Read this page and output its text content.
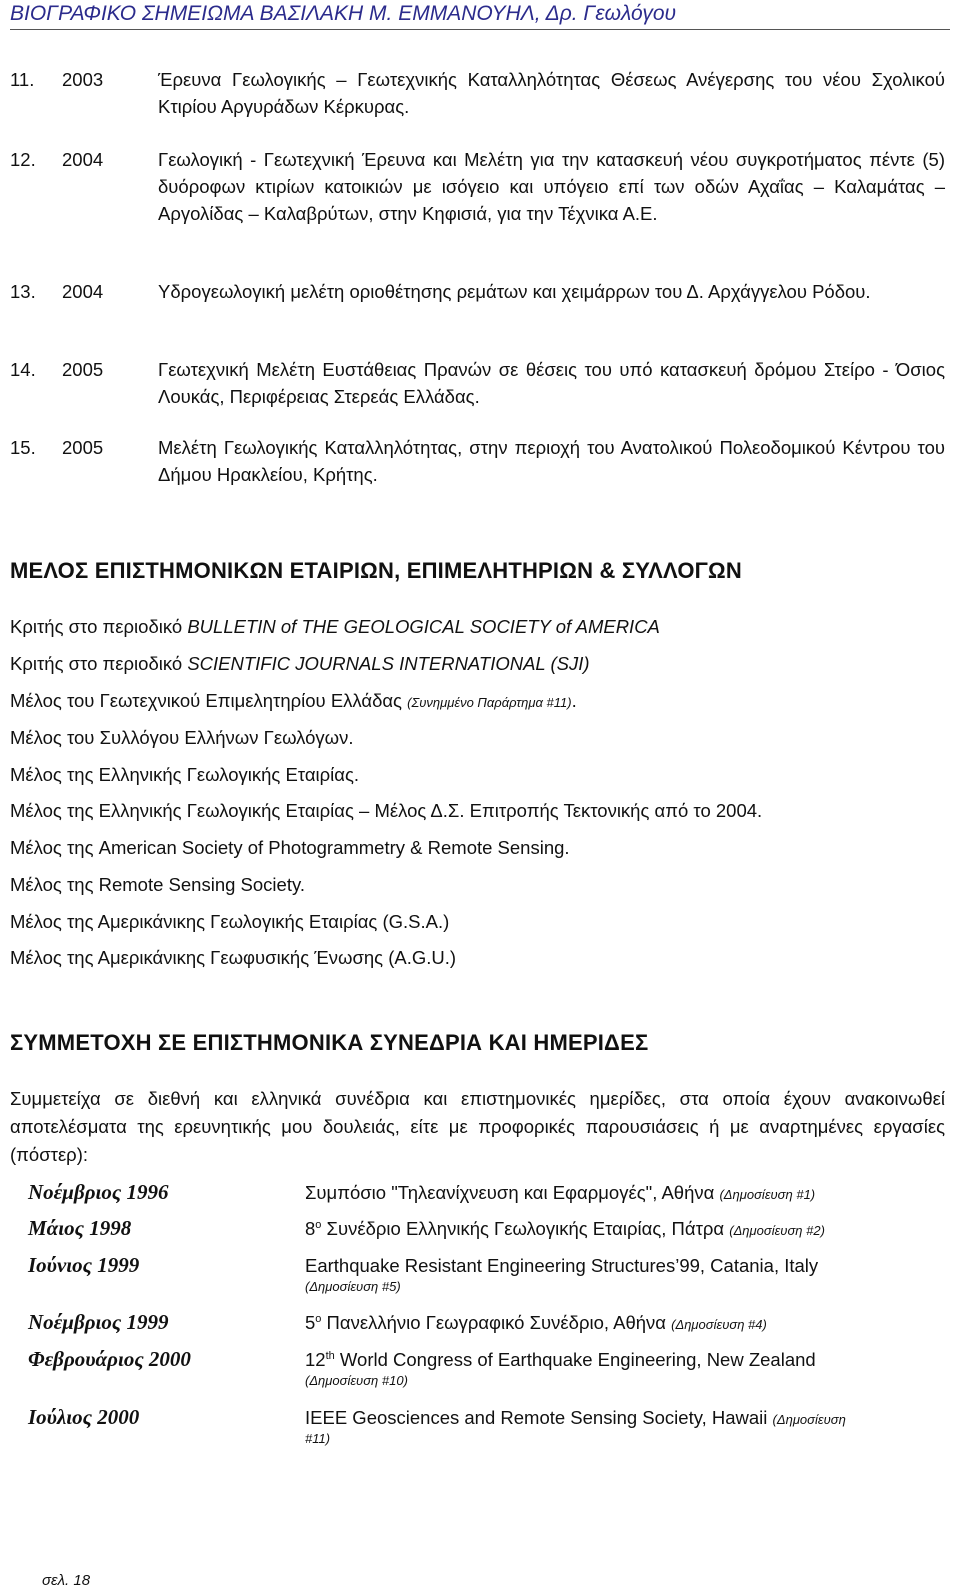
ΒΙΟΓΡΑΦΙΚΟ ΣΗΜΕΙΩΜΑ ΒΑΣΙΛΑΚΗ Μ. ΕΜΜΑΝΟΥΗΛ, Δρ. Γεωλόγου
11. 2003	Έρευνα Γεωλογικής – Γεωτεχνικής Καταλληλότητας Θέσεως Ανέγερσης του νέου Σχολικού Κτιρίου Αργυράδων Κέρκυρας.
12. 2004	Γεωλογική - Γεωτεχνική Έρευνα και Μελέτη για την κατασκευή νέου συγκροτήματος πέντε (5) δυόροφων κτιρίων κατοικιών με ισόγειο και υπόγειο επί των οδών Αχαΐας – Καλαμάτας – Αργολίδας – Καλαβρύτων, στην Κηφισιά, για την Τέχνικα Α.Ε.
13. 2004	Υδρογεωλογική μελέτη οριοθέτησης ρεμάτων και χειμάρρων του Δ. Αρχάγγελου Ρόδου.
14. 2005	Γεωτεχνική Μελέτη Ευστάθειας Πρανών σε θέσεις του υπό κατασκευή δρόμου Στείρο - Όσιος Λουκάς, Περιφέρειας Στερεάς Ελλάδας.
15. 2005	Μελέτη Γεωλογικής Καταλληλότητας, στην περιοχή του Ανατολικού Πολεοδομικού Κέντρου του Δήμου Ηρακλείου, Κρήτης.
ΜΕΛΟΣ ΕΠΙΣΤΗΜΟΝΙΚΩΝ ΕΤΑΙΡΙΩΝ, ΕΠΙΜΕΛΗΤΗΡΙΩΝ & ΣΥΛΛΟΓΩΝ
Κριτής στο περιοδικό BULLETIN of THE GEOLOGICAL SOCIETY of AMERICA
Κριτής στο περιοδικό SCIENTIFIC JOURNALS INTERNATIONAL (SJI)
Μέλος του Γεωτεχνικού Επιμελητηρίου Ελλάδας (Συνημμένο Παράρτημα #11).
Μέλος του Συλλόγου Ελλήνων Γεωλόγων.
Μέλος της Ελληνικής Γεωλογικής Εταιρίας.
Μέλος της Ελληνικής Γεωλογικής Εταιρίας – Μέλος Δ.Σ. Επιτροπής Τεκτονικής από το 2004.
Μέλος της American Society of Photogrammetry & Remote Sensing.
Μέλος της Remote Sensing Society.
Μέλος της Αμερικάνικης Γεωλογικής Εταιρίας (G.S.A.)
Μέλος της Αμερικάνικης Γεωφυσικής Ένωσης (A.G.U.)
ΣΥΜΜΕΤΟΧΗ ΣΕ ΕΠΙΣΤΗΜΟΝΙΚΑ ΣΥΝΕΔΡΙΑ ΚΑΙ ΗΜΕΡΙΔΕΣ
Συμμετείχα σε διεθνή και ελληνικά συνέδρια και επιστημονικές ημερίδες, στα οποία έχουν ανακοινωθεί αποτελέσματα της ερευνητικής μου δουλειάς, είτε με προφορικές παρουσιάσεις ή με αναρτημένες εργασίες (πόστερ):
Νοέμβριος 1996	Συμπόσιο "Τηλεανίχνευση και Εφαρμογές", Αθήνα (Δημοσίευση #1)
Μάιος 1998	$8^o$ Συνέδριο Ελληνικής Γεωλογικής Εταιρίας, Πάτρα (Δημοσίευση #2)
Ιούνιος 1999	Earthquake Resistant Engineering Structures’99, Catania, Italy
(Δημοσίευση #5)
Νοέμβριος 1999	$5^o$ Πανελλήνιο Γεωγραφικό Συνέδριο, Αθήνα (Δημοσίευση #4)
Φεβρουάριος 2000	12th World Congress of Earthquake Engineering, New Zealand
(Δημοσίευση #10)
Ιούλιος 2000	IEEE Geosciences and Remote Sensing Society, Hawaii (Δημοσίευση
#11)
σελ. 18
